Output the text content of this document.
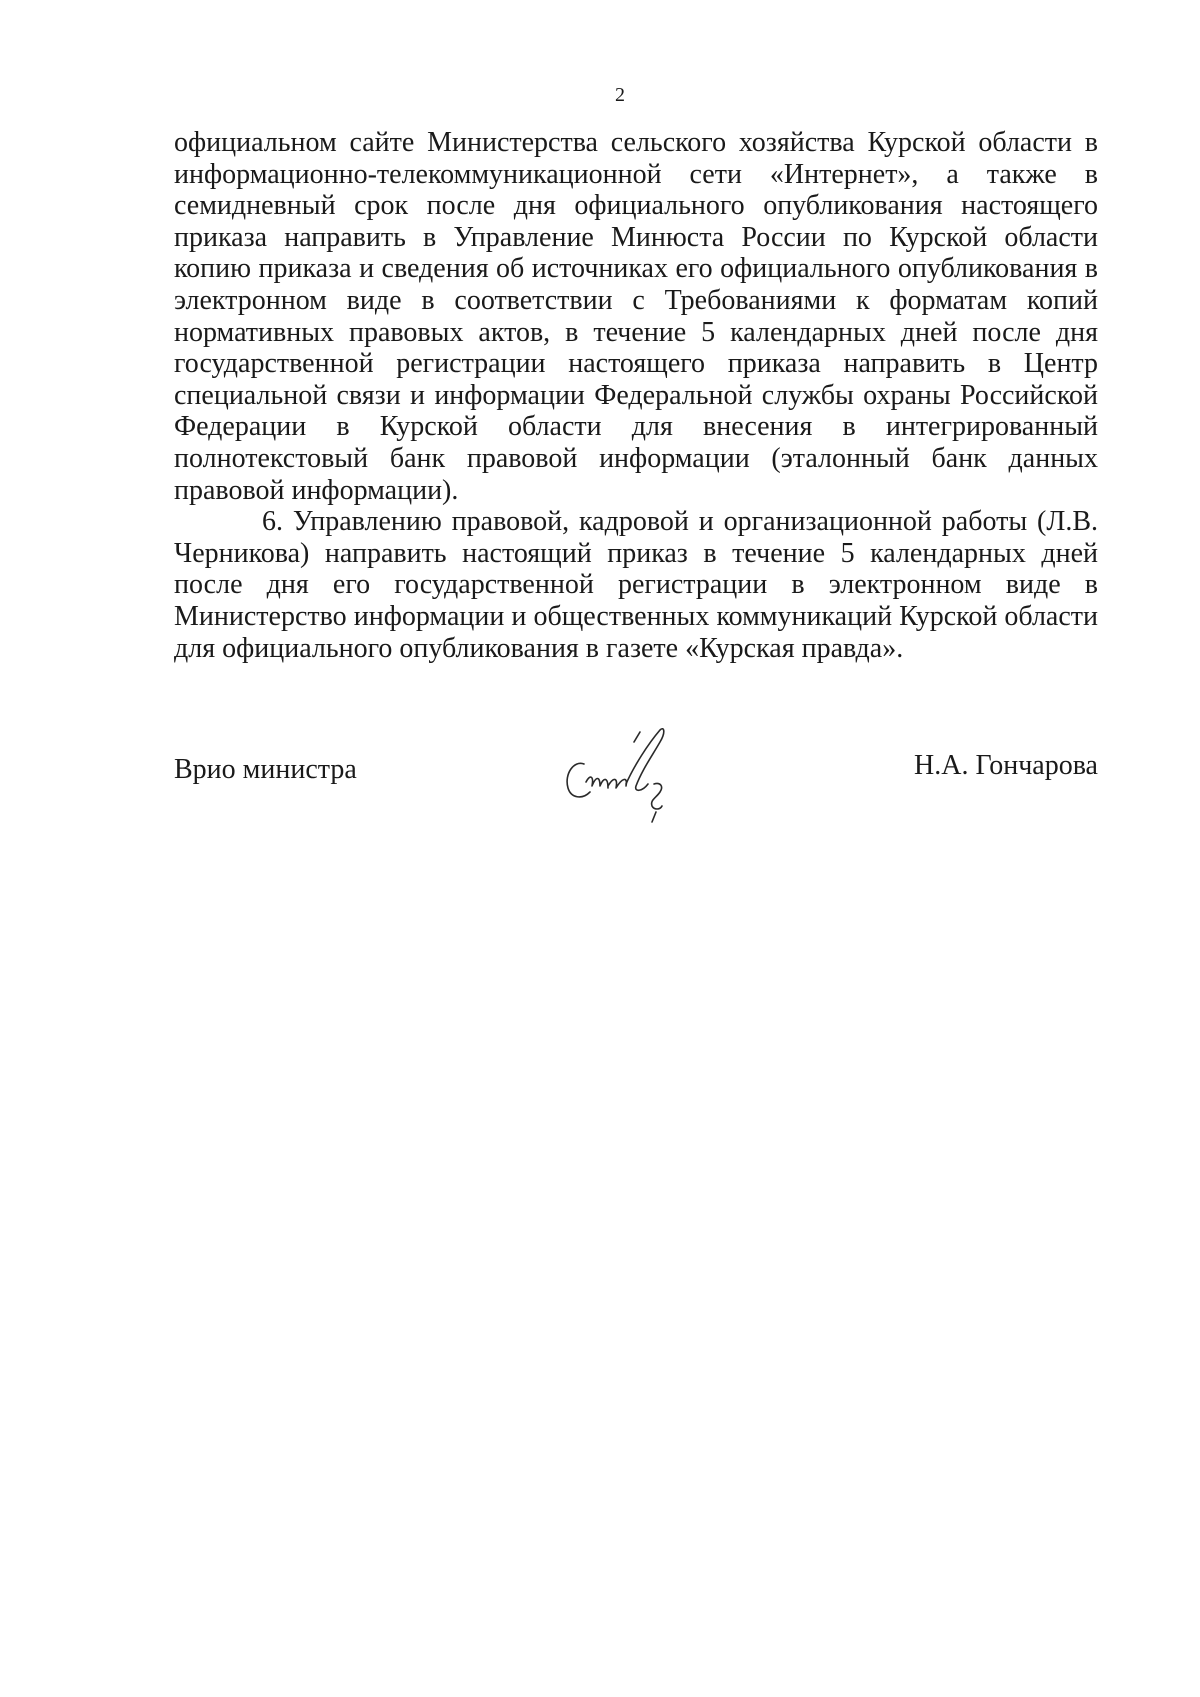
2

официальном сайте Министерства сельского хозяйства Курской области в информационно-телекоммуникационной сети «Интернет», а также в семидневный срок после дня официального опубликования настоящего приказа направить в Управление Минюста России по Курской области копию приказа и сведения об источниках его официального опубликования в электронном виде в соответствии с Требованиями к форматам копий нормативных правовых актов, в течение 5 календарных дней после дня государственной регистрации настоящего приказа направить в Центр специальной связи и информации Федеральной службы охраны Российской Федерации в Курской области для внесения в интегрированный полнотекстовый банк правовой информации (эталонный банк данных правовой информации).

6. Управлению правовой, кадровой и организационной работы (Л.В. Черникова) направить настоящий приказ в течение 5 календарных дней после дня его государственной регистрации в электронном виде в Министерство информации и общественных коммуникаций Курской области для официального опубликования в газете «Курская правда».

Врио министра	Н.А. Гончарова
